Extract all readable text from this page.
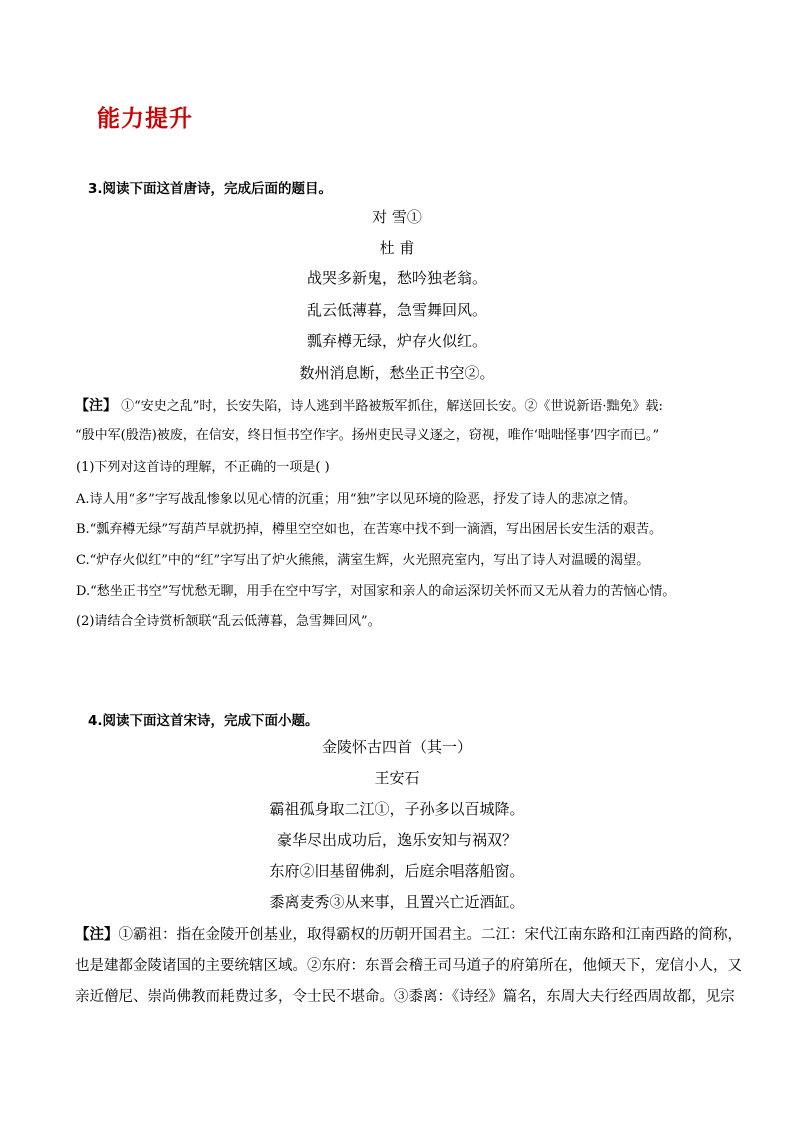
能力提升
3.阅读下面这首唐诗，完成后面的题目。
对 雪①
杜 甫
战哭多新鬼，愁吟独老翁。
乱云低薄暮，急雪舞回风。
瓢弃樽无绿，炉存火似红。
数州消息断，愁坐正书空②。
【注】 ①“安史之乱”时，长安失陷，诗人逃到半路被叛军抓住，解送回长安。②《世说新语·黜免》载:
“殷中军(殷浩)被废，在信安，终日恒书空作字。扬州吏民寻义逐之，窃视，唯作‘咄咄怪事’四字而已。”
(1)下列对这首诗的理解，不正确的一项是( )
A.诗人用“多”字写战乱惨象以见心情的沉重；用“独”字以见环境的险恶，抒发了诗人的悲凉之情。
B.“瓢弃樽无绿”写葫芦早就扔掉，樽里空空如也，在苦寒中找不到一滴酒，写出困居长安生活的艰苦。
C.“炉存火似红”中的“红”字写出了炉火熊熊，满室生辉，火光照亮室内，写出了诗人对温暖的渴望。
D.“愁坐正书空”写忧愁无聊，用手在空中写字，对国家和亲人的命运深切关怀而又无从着力的苦恼心情。
(2)请结合全诗赏析颔联“乱云低薄暮，急雪舞回风”。
4.阅读下面这首宋诗，完成下面小题。
金陵怀古四首（其一）
王安石
霸祖孤身取二江①，子孙多以百城降。
豪华尽出成功后，逸乐安知与祸双？
东府②旧基留佛刹，后庭余唱落船窗。
黍离麦秀③从来事，且置兴亡近酒缸。
【注】①霸祖：指在金陵开创基业，取得霸权的历朝开国君主。二江：宋代江南东路和江南西路的简称，
也是建都金陵诸国的主要统辖区域。②东府：东晋会稽王司马道子的府第所在，他倾天下，宠信小人，又
亲近僧尼、崇尚佛教而耗费过多，令士民不堪命。③黍离：《诗经》篇名，东周大夫行经西周故都，见宗
